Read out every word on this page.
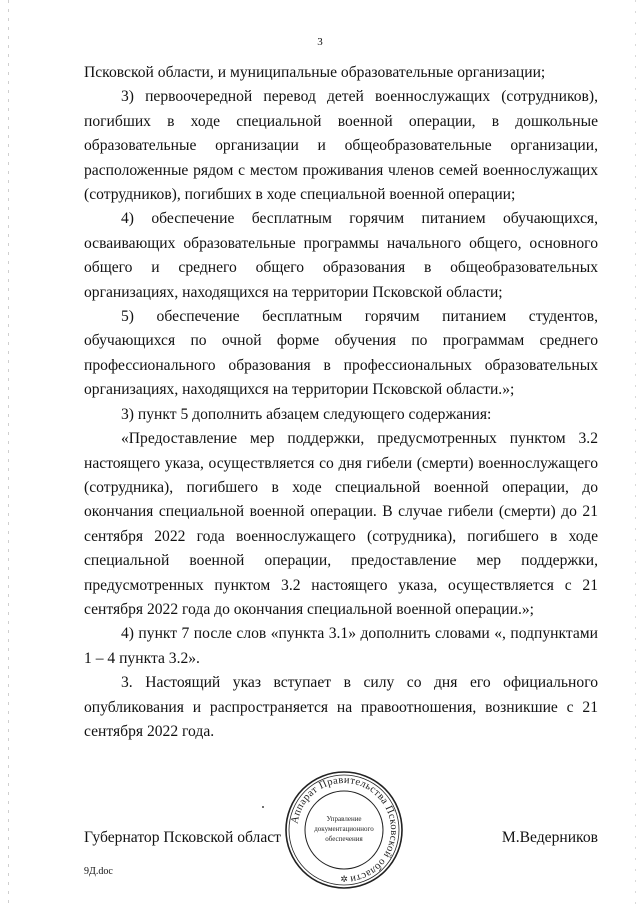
3

Псковской области, и муниципальные образовательные организации;

3) первоочередной перевод детей военнослужащих (сотрудников), погибших в ходе специальной военной операции, в дошкольные образовательные организации и общеобразовательные организации, расположенные рядом с местом проживания членов семей военнослужащих (сотрудников), погибших в ходе специальной военной операции;

4) обеспечение бесплатным горячим питанием обучающихся, осваивающих образовательные программы начального общего, основного общего и среднего общего образования в общеобразовательных организациях, находящихся на территории Псковской области;

5) обеспечение бесплатным горячим питанием студентов, обучающихся по очной форме обучения по программам среднего профессионального образования в профессиональных образовательных организациях, находящихся на территории Псковской области.»;

3) пункт 5 дополнить абзацем следующего содержания:

«Предоставление мер поддержки, предусмотренных пунктом 3.2 настоящего указа, осуществляется со дня гибели (смерти) военнослужащего (сотрудника), погибшего в ходе специальной военной операции, до окончания специальной военной операции. В случае гибели (смерти) до 21 сентября 2022 года военнослужащего (сотрудника), погибшего в ходе специальной военной операции, предоставление мер поддержки, предусмотренных пунктом 3.2 настоящего указа, осуществляется с 21 сентября 2022 года до окончания специальной военной операции.»;

4) пункт 7 после слов «пункта 3.1» дополнить словами «, подпунктами 1 – 4 пункта 3.2».

3. Настоящий указ вступает в силу со дня его официального опубликования и распространяется на правоотношения, возникшие с 21 сентября 2022 года.

Губернатор Псковской област	М.Ведерников
Аппарат Правительства Псковской области
Управление
документационного
обеспечения
✲
9Д.doc
